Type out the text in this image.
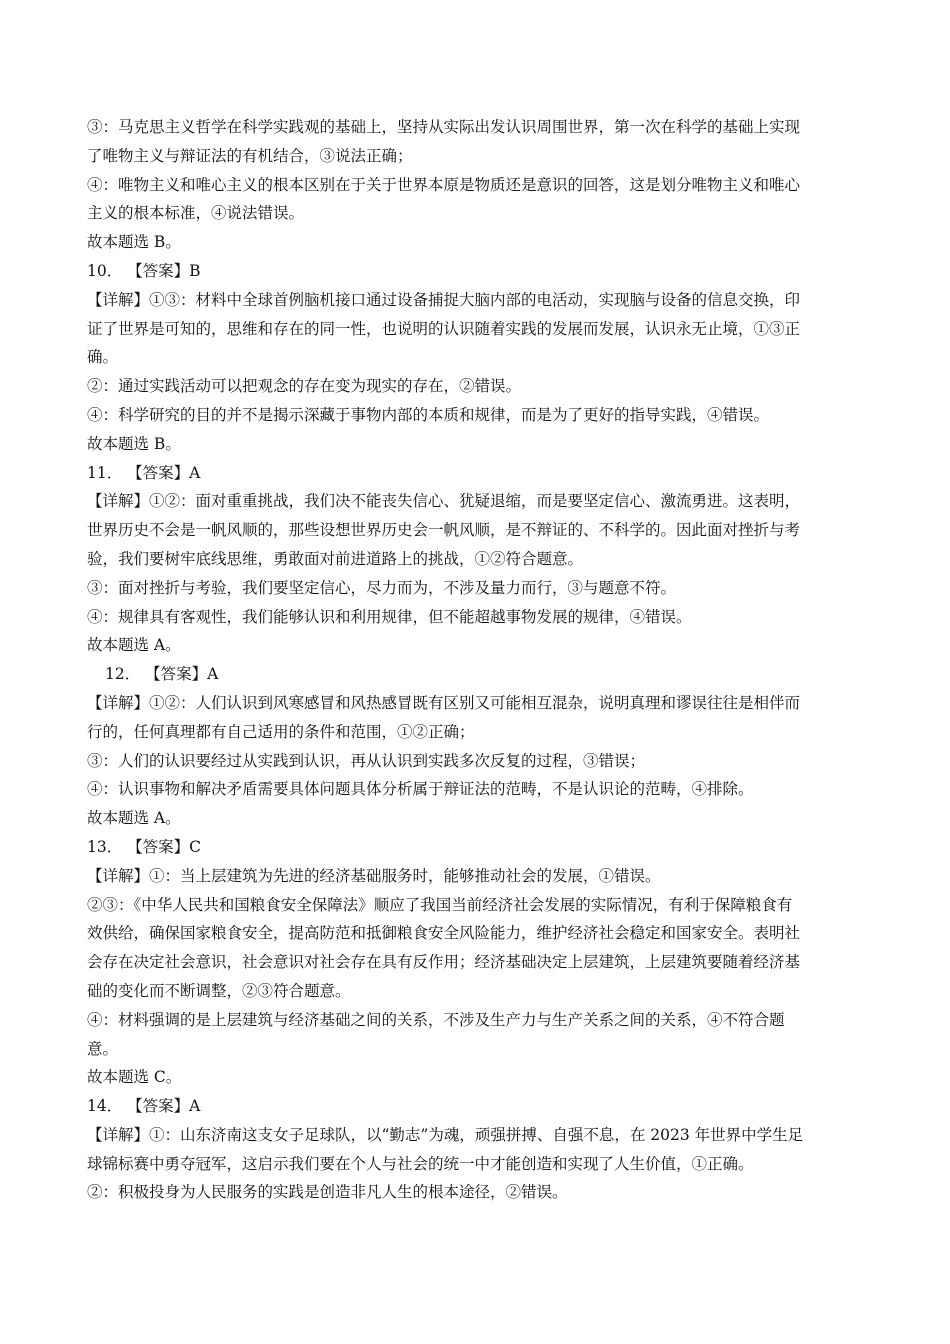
③：马克思主义哲学在科学实践观的基础上，坚持从实际出发认识周围世界，第一次在科学的基础上实现
了唯物主义与辩证法的有机结合，③说法正确；
④：唯物主义和唯心主义的根本区别在于关于世界本原是物质还是意识的回答，这是划分唯物主义和唯心
主义的根本标准，④说法错误。
故本题选 B。
10． 【答案】B
【详解】①③：材料中全球首例脑机接口通过设备捕捉大脑内部的电活动，实现脑与设备的信息交换，印
证了世界是可知的，思维和存在的同一性，也说明的认识随着实践的发展而发展，认识永无止境，①③正
确。
②：通过实践活动可以把观念的存在变为现实的存在，②错误。
④：科学研究的目的并不是揭示深藏于事物内部的本质和规律，而是为了更好的指导实践，④错误。
故本题选 B。
11． 【答案】A
【详解】①②：面对重重挑战，我们决不能丧失信心、犹疑退缩，而是要坚定信心、激流勇进。这表明，
世界历史不会是一帆风顺的，那些设想世界历史会一帆风顺，是不辩证的、不科学的。因此面对挫折与考
验，我们要树牢底线思维，勇敢面对前进道路上的挑战，①②符合题意。
③：面对挫折与考验，我们要坚定信心，尽力而为，不涉及量力而行，③与题意不符。
④：规律具有客观性，我们能够认识和利用规律，但不能超越事物发展的规律，④错误。
故本题选 A。
12． 【答案】A
【详解】①②：人们认识到风寒感冒和风热感冒既有区别又可能相互混杂，说明真理和谬误往往是相伴而
行的，任何真理都有自己适用的条件和范围，①②正确；
③：人们的认识要经过从实践到认识，再从认识到实践多次反复的过程，③错误；
④：认识事物和解决矛盾需要具体问题具体分析属于辩证法的范畴，不是认识论的范畴，④排除。
故本题选 A。
13． 【答案】C
【详解】①：当上层建筑为先进的经济基础服务时，能够推动社会的发展，①错误。
②③：《中华人民共和国粮食安全保障法》顺应了我国当前经济社会发展的实际情况，有利于保障粮食有
效供给，确保国家粮食安全，提高防范和抵御粮食安全风险能力，维护经济社会稳定和国家安全。表明社
会存在决定社会意识，社会意识对社会存在具有反作用；经济基础决定上层建筑，上层建筑要随着经济基
础的变化而不断调整，②③符合题意。
④：材料强调的是上层建筑与经济基础之间的关系，不涉及生产力与生产关系之间的关系，④不符合题
意。
故本题选 C。
14． 【答案】A
【详解】①：山东济南这支女子足球队，以“勤志”为魂，顽强拼搏、自强不息，在 2023 年世界中学生足
球锦标赛中勇夺冠军，这启示我们要在个人与社会的统一中才能创造和实现了人生价值，①正确。
②：积极投身为人民服务的实践是创造非凡人生的根本途径，②错误。
